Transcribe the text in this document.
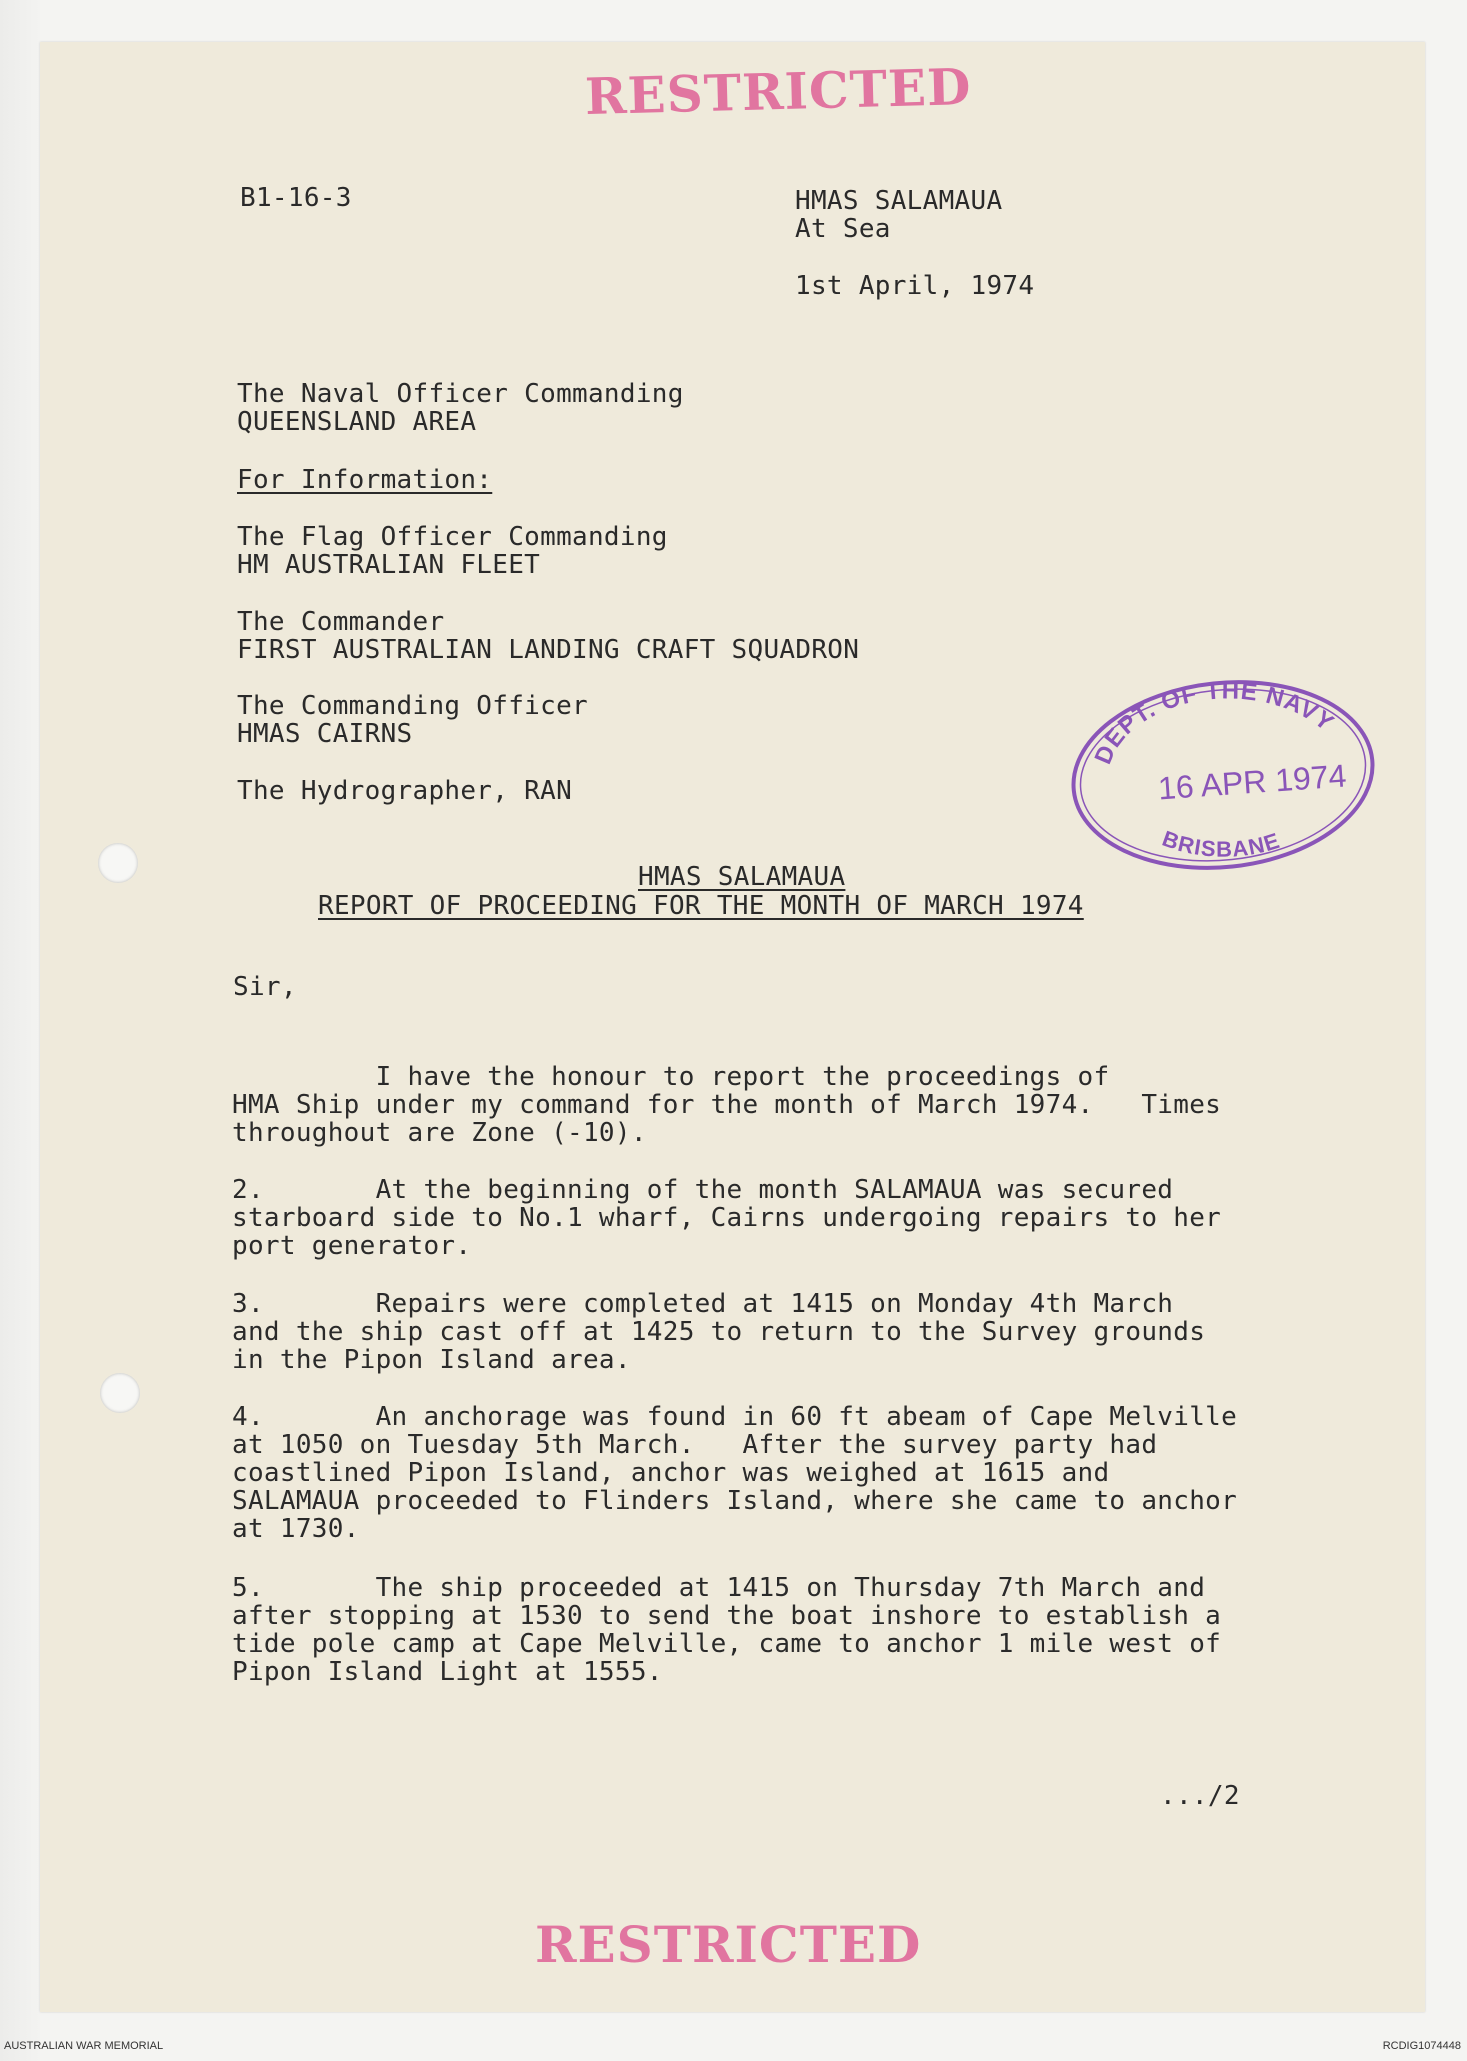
RESTRICTED
B1-16-3	HMAS SALAMAUA
At Sea
1st April, 1974
The Naval Officer Commanding
QUEENSLAND AREA
For Information:
The Flag Officer Commanding
HM AUSTRALIAN FLEET
The Commander
FIRST AUSTRALIAN LANDING CRAFT SQUADRON
The Commanding Officer
HMAS CAIRNS
The Hydrographer, RAN
DEPT. OF THE NAVY
16 APR 1974
BRISBANE
HMAS SALAMAUA
REPORT OF PROCEEDING FOR THE MONTH OF MARCH 1974
Sir,
I have the honour to report the proceedings of
HMA Ship under my command for the month of March 1974.   Times
throughout are Zone (-10).
2.       At the beginning of the month SALAMAUA was secured
starboard side to No.1 wharf, Cairns undergoing repairs to her
port generator.
3.       Repairs were completed at 1415 on Monday 4th March
and the ship cast off at 1425 to return to the Survey grounds
in the Pipon Island area.
4.       An anchorage was found in 60 ft abeam of Cape Melville
at 1050 on Tuesday 5th March.   After the survey party had
coastlined Pipon Island, anchor was weighed at 1615 and
SALAMAUA proceeded to Flinders Island, where she came to anchor
at 1730.
5.       The ship proceeded at 1415 on Thursday 7th March and
after stopping at 1530 to send the boat inshore to establish a
tide pole camp at Cape Melville, came to anchor 1 mile west of
Pipon Island Light at 1555.
.../2
RESTRICTED
AUSTRALIAN WAR MEMORIAL	RCDIG1074448
